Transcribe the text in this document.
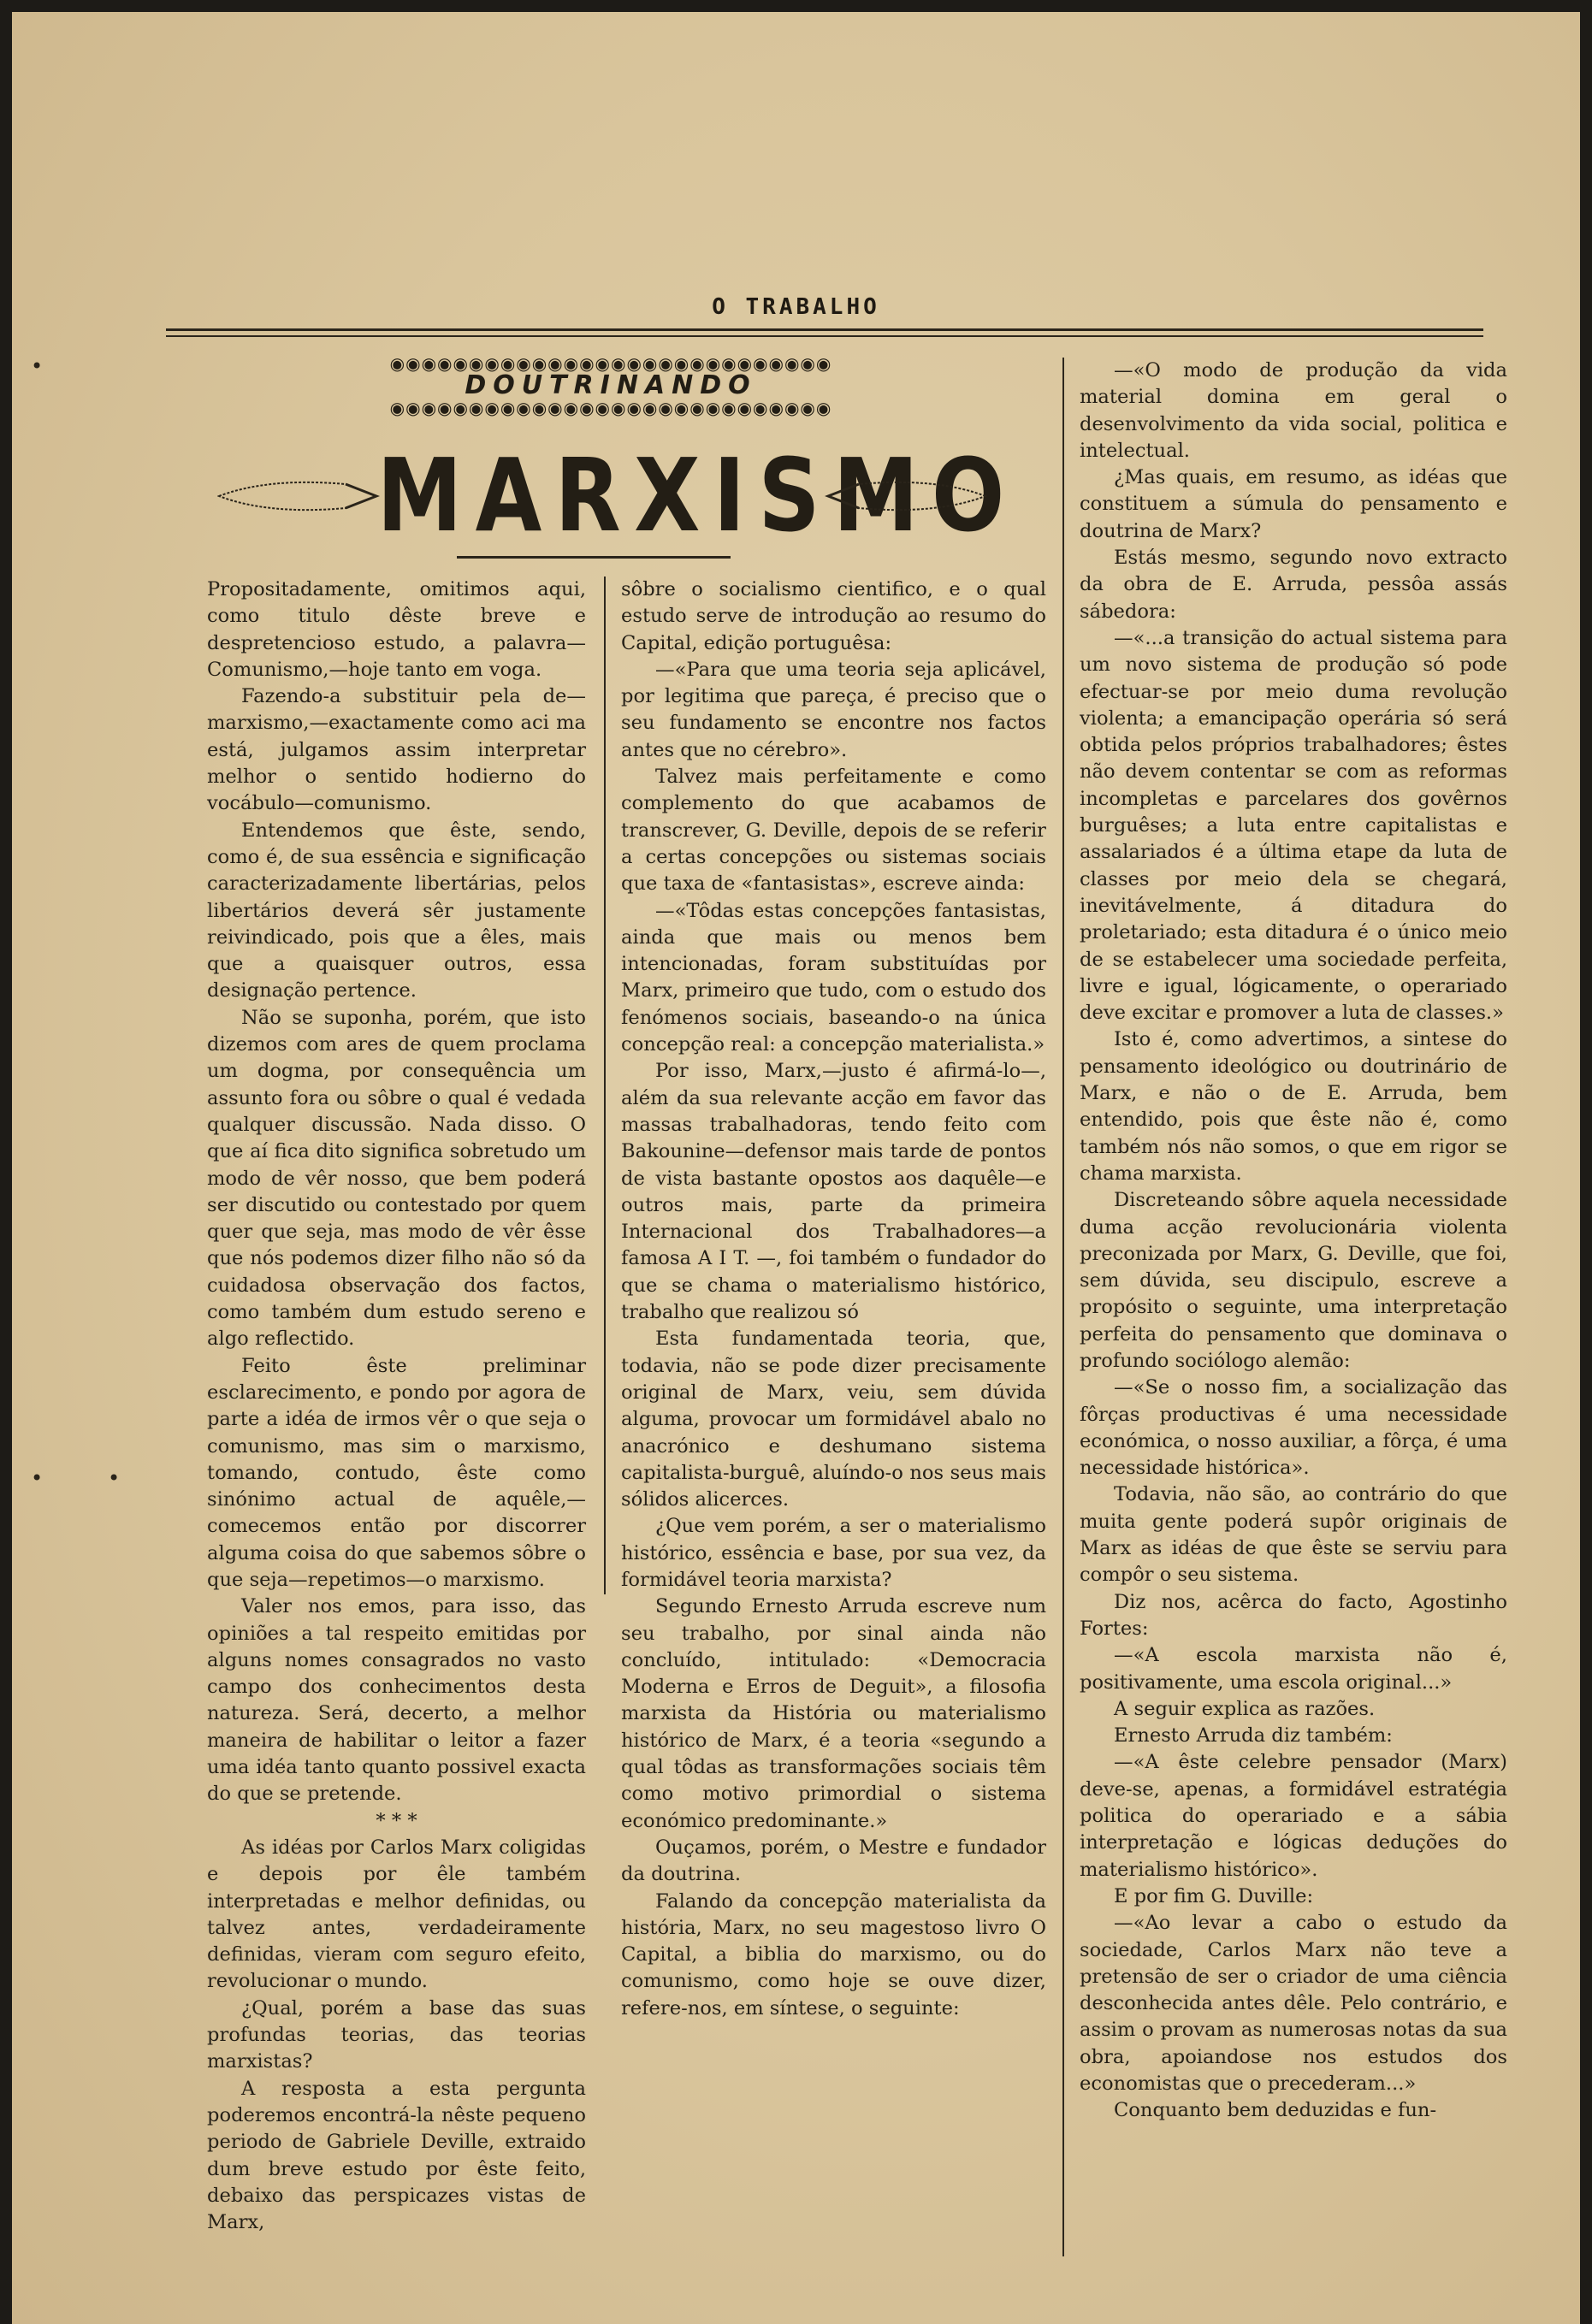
O TRABALHO
◉◉◉◉◉◉◉◉◉◉◉◉◉◉◉◉◉◉◉◉◉◉◉◉◉◉◉◉
DOUTRINANDO
◉◉◉◉◉◉◉◉◉◉◉◉◉◉◉◉◉◉◉◉◉◉◉◉◉◉◉◉
MARXISMO

Propositadamente, omitimos aqui, como titulo dêste breve e despretencioso estudo, a palavra—Comunismo,—hoje tanto em voga.

Fazendo-a substituir pela de—marxismo,—exactamente como aci ma está, julgamos assim interpretar melhor o sentido hodierno do vocábulo—comunismo.

Entendemos que êste, sendo, como é, de sua essência e significação caracterizadamente libertárias, pelos libertários deverá sêr justamente reivindicado, pois que a êles, mais que a quaisquer outros, essa designação pertence.

Não se suponha, porém, que isto dizemos com ares de quem proclama um dogma, por consequência um assunto fora ou sôbre o qual é vedada qualquer discussão. Nada disso. O que aí fica dito significa sobretudo um modo de vêr nosso, que bem poderá ser discutido ou contestado por quem quer que seja, mas modo de vêr êsse que nós podemos dizer filho não só da cuidadosa observação dos factos, como também dum estudo sereno e algo reflectido.

Feito êste preliminar esclarecimento, e pondo por agora de parte a idéa de irmos vêr o que seja o comunismo, mas sim o marxismo, tomando, contudo, êste como sinónimo actual de aquêle,—comecemos então por discorrer alguma coisa do que sabemos sôbre o que seja—repetimos—o marxismo.

Valer nos emos, para isso, das opiniões a tal respeito emitidas por alguns nomes consagrados no vasto campo dos conhecimentos desta natureza. Será, decerto, a melhor maneira de habilitar o leitor a fazer uma idéa tanto quanto possivel exacta do que se pretende.

* * *

As idéas por Carlos Marx coligidas e depois por êle também interpretadas e melhor definidas, ou talvez antes, verdadeiramente definidas, vieram com seguro efeito, revolucionar o mundo.

¿Qual, porém a base das suas profundas teorias, das teorias marxistas?

A resposta a esta pergunta poderemos encontrá-la nêste pequeno periodo de Gabriele Deville, extraido dum breve estudo por êste feito, debaixo das perspicazes vistas de Marx,

sôbre o socialismo cientifico, e o qual estudo serve de introdução ao resumo do Capital, edição portuguêsa:

—«Para que uma teoria seja aplicável, por legitima que pareça, é preciso que o seu fundamento se encontre nos factos antes que no cérebro».

Talvez mais perfeitamente e como complemento do que acabamos de transcrever, G. Deville, depois de se referir a certas concepções ou sistemas sociais que taxa de «fantasistas», escreve ainda:

—«Tôdas estas concepções fantasistas, ainda que mais ou menos bem intencionadas, foram substituídas por Marx, primeiro que tudo, com o estudo dos fenómenos sociais, baseando-o na única concepção real: a concepção materialista.»

Por isso, Marx,—justo é afirmá-lo—, além da sua relevante acção em favor das massas trabalhadoras, tendo feito com Bakounine—defensor mais tarde de pontos de vista bastante opostos aos daquêle—e outros mais, parte da primeira Internacional dos Trabalhadores—a famosa A I T. —, foi também o fundador do que se chama o materialismo histórico, trabalho que realizou só

Esta fundamentada teoria, que, todavia, não se pode dizer precisamente original de Marx, veiu, sem dúvida alguma, provocar um formidável abalo no anacrónico e deshumano sistema capitalista-burguê, aluíndo-o nos seus mais sólidos alicerces.

¿Que vem porém, a ser o materialismo histórico, essência e base, por sua vez, da formidável teoria marxista?

Segundo Ernesto Arruda escreve num seu trabalho, por sinal ainda não concluído, intitulado: «Democracia Moderna e Erros de Deguit», a filosofia marxista da História ou materialismo histórico de Marx, é a teoria «segundo a qual tôdas as transformações sociais têm como motivo primordial o sistema económico predominante.»

Ouçamos, porém, o Mestre e fundador da doutrina.

Falando da concepção materialista da história, Marx, no seu magestoso livro O Capital, a biblia do marxismo, ou do comunismo, como hoje se ouve dizer, refere-nos, em síntese, o seguinte:

—«O modo de produção da vida material domina em geral o desenvolvimento da vida social, politica e intelectual.

¿Mas quais, em resumo, as idéas que constituem a súmula do pensamento e doutrina de Marx?

Estás mesmo, segundo novo extracto da obra de E. Arruda, pessôa assás sábedora:

—«...a transição do actual sistema para um novo sistema de produção só pode efectuar-se por meio duma revolução violenta; a emancipação operária só será obtida pelos próprios trabalhadores; êstes não devem contentar se com as reformas incompletas e parcelares dos govêrnos burguêses; a luta entre capitalistas e assalariados é a última etape da luta de classes por meio dela se chegará, inevitávelmente, á ditadura do proletariado; esta ditadura é o único meio de se estabelecer uma sociedade perfeita, livre e igual, lógicamente, o operariado deve excitar e promover a luta de classes.»

Isto é, como advertimos, a sintese do pensamento ideológico ou doutrinário de Marx, e não o de E. Arruda, bem entendido, pois que êste não é, como também nós não somos, o que em rigor se chama marxista.

Discreteando sôbre aquela necessidade duma acção revolucionária violenta preconizada por Marx, G. Deville, que foi, sem dúvida, seu discipulo, escreve a propósito o seguinte, uma interpretação perfeita do pensamento que dominava o profundo sociólogo alemão:

—«Se o nosso fim, a socialização das fôrças productivas é uma necessidade económica, o nosso auxiliar, a fôrça, é uma necessidade histórica».

Todavia, não são, ao contrário do que muita gente poderá supôr originais de Marx as idéas de que êste se serviu para compôr o seu sistema.

Diz nos, acêrca do facto, Agostinho Fortes:

—«A escola marxista não é, positivamente, uma escola original...»

A seguir explica as razões.

Ernesto Arruda diz também:

—«A êste celebre pensador (Marx) deve-se, apenas, a formidável estratégia politica do operariado e a sábia interpretação e lógicas deduções do materialismo histórico».

E por fim G. Duville:

—«Ao levar a cabo o estudo da sociedade, Carlos Marx não teve a pretensão de ser o criador de uma ciência desconhecida antes dêle. Pelo contrário, e assim o provam as numerosas notas da sua obra, apoiandose nos estudos dos economistas que o precederam...»

Conquanto bem deduzidas e fun-

•
•	•
